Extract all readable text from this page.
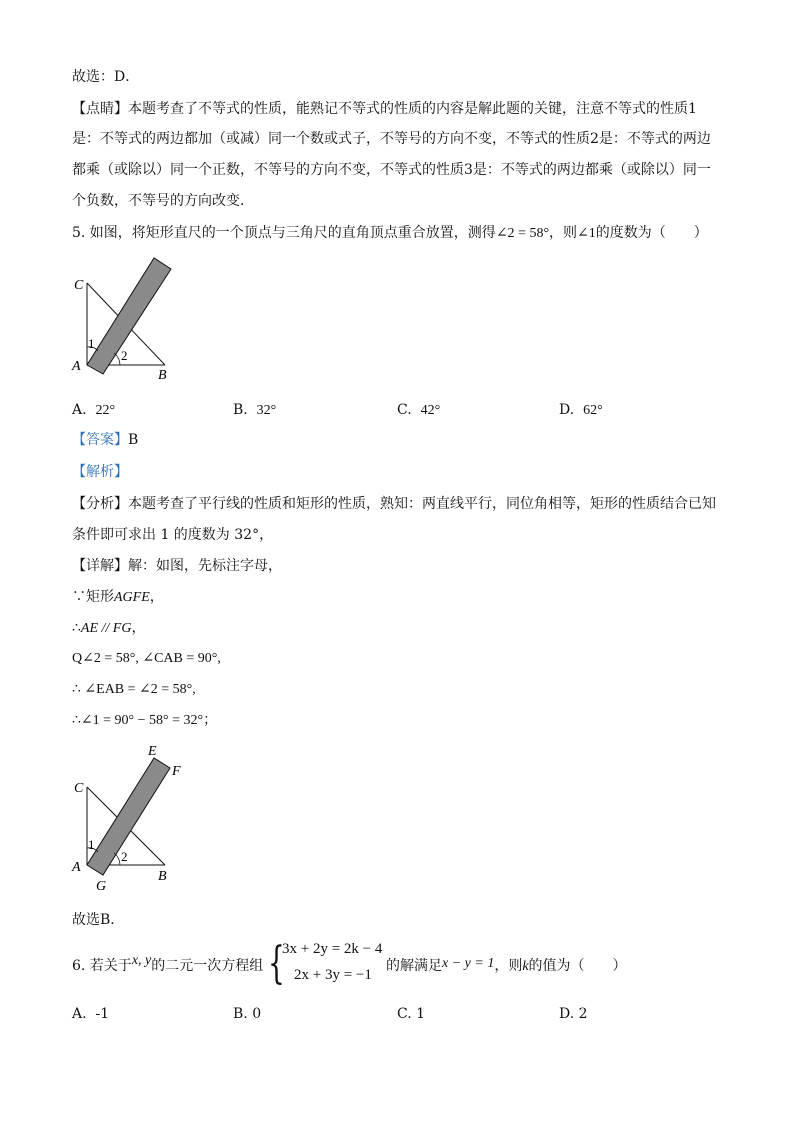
故选：D．
【点睛】本题考查了不等式的性质，能熟记不等式的性质的内容是解此题的关键，注意不等式的性质1
是：不等式的两边都加（或减）同一个数或式子，不等号的方向不变，不等式的性质2是：不等式的两边
都乘（或除以）同一个正数，不等号的方向不变，不等式的性质3是：不等式的两边都乘（或除以）同一
个负数，不等号的方向改变．
5. 如图，将矩形直尺的一个顶点与三角尺的直角顶点重合放置，测得∠2 = 58°，则∠1的度数为（　　）
C
A
B
1
2
A. 22°	B. 32°	C. 42°	D. 62°
【答案】B
【解析】
【分析】本题考查了平行线的性质和矩形的性质，熟知：两直线平行，同位角相等，矩形的性质结合已知
条件即可求出 1 的度数为 32°，
【详解】解：如图，先标注字母，
∵矩形AGFE，
∴AE // FG，
Q∠2 = 58°, ∠CAB = 90°,
∴ ∠EAB = ∠2 = 58°,
∴∠1 = 90° − 58° = 32°；
E
F
C
A
G
B
1
2
故选B．
6. 若关于x, y的二元一次方程组 {
3x + 2y = 2k − 4
2x + 3y = −1
的解满足x − y = 1，则k的值为（　　）
A. -1	B. 0	C. 1	D. 2
